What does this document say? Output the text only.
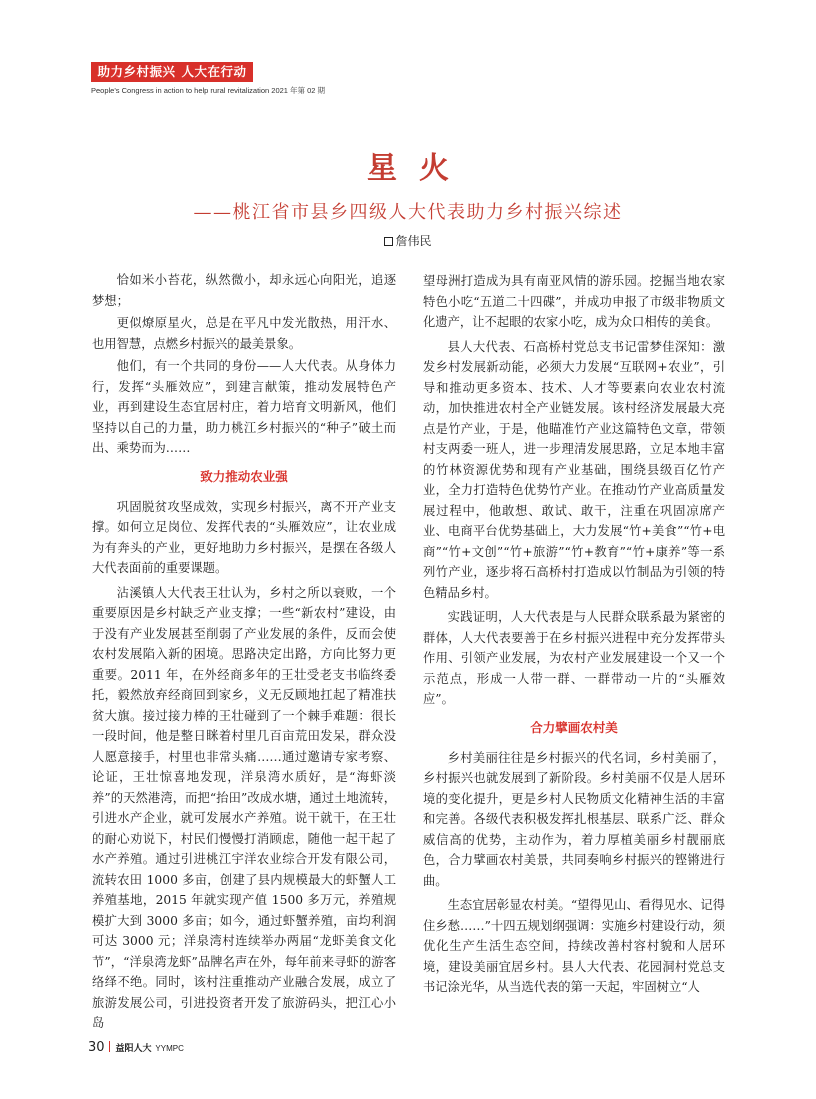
助力乡村振兴 人大在行动
People's Congress in action to help rural revitalization 2021 年第 02 期
星火
——桃江省市县乡四级人大代表助力乡村振兴综述
詹伟民

恰如米小苔花，纵然微小，却永远心向阳光，追逐梦想；

更似燎原星火，总是在平凡中发光散热，用汗水、也用智慧，点燃乡村振兴的最美景象。

他们，有一个共同的身份——人大代表。从身体力行，发挥“头雁效应”，到建言献策，推动发展特色产业，再到建设生态宜居村庄，着力培育文明新风，他们坚持以自己的力量，助力桃江乡村振兴的“种子”破土而出、乘势而为……

致力推动农业强

巩固脱贫攻坚成效，实现乡村振兴，离不开产业支撑。如何立足岗位、发挥代表的“头雁效应”，让农业成为有奔头的产业，更好地助力乡村振兴，是摆在各级人大代表面前的重要课题。

沾溪镇人大代表王壮认为，乡村之所以衰败，一个重要原因是乡村缺乏产业支撑；一些“新农村”建设，由于没有产业发展甚至削弱了产业发展的条件，反而会使农村发展陷入新的困境。思路决定出路，方向比努力更重要。2011 年，在外经商多年的王壮受老支书临终委托，毅然放弃经商回到家乡，义无反顾地扛起了精准扶贫大旗。接过接力棒的王壮碰到了一个棘手难题：很长一段时间，他是整日眯着村里几百亩荒田发呆，群众没人愿意接手，村里也非常头痛……通过邀请专家考察、论证，王壮惊喜地发现，洋泉湾水质好，是“海虾淡养”的天然港湾，而把“抬田”改成水塘，通过土地流转，引进水产企业，就可发展水产养殖。说干就干，在王壮的耐心劝说下，村民们慢慢打消顾虑，随他一起干起了水产养殖。通过引进桃江宇洋农业综合开发有限公司，流转农田 1000 多亩，创建了县内规模最大的虾蟹人工养殖基地，2015 年就实现产值 1500 多万元，养殖规模扩大到 3000 多亩；如今，通过虾蟹养殖，亩均利润可达 3000 元；洋泉湾村连续举办两届“龙虾美食文化节”，“洋泉湾龙虾”品牌名声在外，每年前来寻虾的游客络绎不绝。同时，该村注重推动产业融合发展，成立了旅游发展公司，引进投资者开发了旅游码头，把江心小岛

望母洲打造成为具有南亚风情的游乐园。挖掘当地农家特色小吃“五道二十四碟”，并成功申报了市级非物质文化遗产，让不起眼的农家小吃，成为众口相传的美食。

县人大代表、石高桥村党总支书记雷梦佳深知：激发乡村发展新动能，必须大力发展“互联网+农业”，引导和推动更多资本、技术、人才等要素向农业农村流动，加快推进农村全产业链发展。该村经济发展最大亮点是竹产业，于是，他瞄准竹产业这篇特色文章，带领村支两委一班人，进一步理清发展思路，立足本地丰富的竹林资源优势和现有产业基础，围绕县级百亿竹产业，全力打造特色优势竹产业。在推动竹产业高质量发展过程中，他敢想、敢试、敢干，注重在巩固凉席产业、电商平台优势基础上，大力发展“竹+美食”“竹+电商”“竹+文创”“竹+旅游”“竹+教育”“竹+康养”等一系列竹产业，逐步将石高桥村打造成以竹制品为引领的特色精品乡村。

实践证明，人大代表是与人民群众联系最为紧密的群体，人大代表要善于在乡村振兴进程中充分发挥带头作用、引领产业发展，为农村产业发展建设一个又一个示范点，形成一人带一群、一群带动一片的“头雁效应”。

合力擘画农村美

乡村美丽往往是乡村振兴的代名词，乡村美丽了，乡村振兴也就发展到了新阶段。乡村美丽不仅是人居环境的变化提升，更是乡村人民物质文化精神生活的丰富和完善。各级代表积极发挥扎根基层、联系广泛、群众威信高的优势，主动作为，着力厚植美丽乡村靓丽底色，合力擘画农村美景，共同奏响乡村振兴的铿锵进行曲。

生态宜居彰显农村美。“望得见山、看得见水、记得住乡愁……”十四五规划纲强调：实施乡村建设行动，须优化生产生活生态空间，持续改善村容村貌和人居环境，建设美丽宜居乡村。县人大代表、花园洞村党总支书记涂光华，从当选代表的第一天起，牢固树立“人

30 益阳人大 YYMPC
